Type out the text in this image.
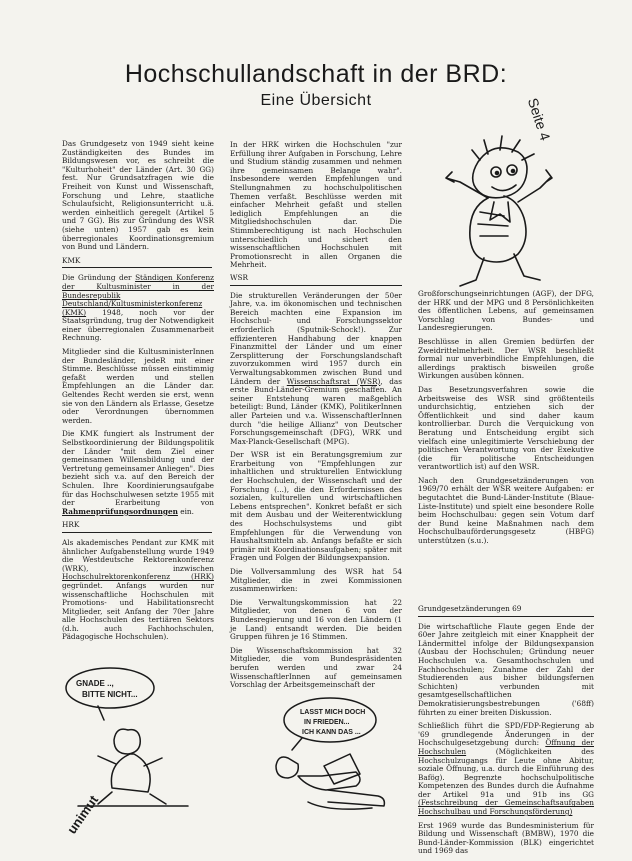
Hochschullandschaft in der BRD:
Eine Übersicht	Seite 4

Das Grundgesetz von 1949 sieht keine Zuständigkeiten des Bundes im Bildungswesen vor, es schreibt die "Kulturhoheit" der Länder (Art. 30 GG) fest. Nur Grundsatzfragen wie die Freiheit von Kunst und Wissenschaft, Forschung und Lehre, staatliche Schulaufsicht, Religionsunterricht u.ä. werden einheitlich geregelt (Artikel 5 und 7 GG). Bis zur Gründung des WSR (siehe unten) 1957 gab es kein überregionales Koordinationsgremium von Bund und Ländern.

KMK

Die Gründung der Ständigen Konferenz der Kultusminister in der Bundesrepublik Deutschland/Kultusministerkonferenz (KMK) 1948, noch vor der Staatsgründung, trug der Notwendigkeit einer überregionalen Zusammenarbeit Rechnung.

Mitglieder sind die KultusministerInnen der Bundesländer, jedeR mit einer Stimme. Beschlüsse müssen einstimmig gefaßt werden und stellen Empfehlungen an die Länder dar. Geltendes Recht werden sie erst, wenn sie von den Ländern als Erlasse, Gesetze oder Verordnungen übernommen werden.

Die KMK fungiert als Instrument der Selbstkoordinierung der Bildungspolitik der Länder "mit dem Ziel einer gemeinsamen Willensbildung und der Vertretung gemeinsamer Anliegen". Dies bezieht sich v.a. auf den Bereich der Schulen. Ihre Koordinierungsaufgabe für das Hochschulwesen setzte 1955 mit der Erarbeitung von Rahmenprüfungsordnungen ein.

HRK

Als akademisches Pendant zur KMK mit ähnlicher Aufgabenstellung wurde 1949 die Westdeutsche Rektorenkonferenz (WRK), inzwischen Hochschulrektorenkonferenz (HRK) gegründet. Anfangs wurden nur wissenschaftliche Hochschulen mit Promotions- und Habilitationsrecht Mitglieder, seit Anfang der 70er Jahre alle Hochschulen des tertiären Sektors (d.h. auch Fachhochschulen, Pädagogische Hochschulen).

In der HRK wirken die Hochschulen "zur Erfüllung ihrer Aufgaben in Forschung, Lehre und Studium ständig zusammen und nehmen ihre gemeinsamen Belange wahr". Insbesondere werden Empfehlungen und Stellungnahmen zu hochschulpolitischen Themen verfaßt. Beschlüsse werden mit einfacher Mehrheit gefaßt und stellen lediglich Empfehlungen an die Mitgliedshochschulen dar. Die Stimmberechtigung ist nach Hochschulen unterschiedlich und sichert den wissenschaftlichen Hochschulen mit Promotionsrecht in allen Organen die Mehrheit.

WSR

Die strukturellen Veränderungen der 50er Jahre, v.a. im ökonomischen und technischen Bereich machten eine Expansion im Hochschul- und Forschungssektor erforderlich (Sputnik-Schock!). Zur effizienteren Handhabung der knappen Finanzmittel der Länder und um einer Zersplitterung der Forschungslandschaft zuvorzukommen wird 1957 durch ein Verwaltungsabkommen zwischen Bund und Ländern der Wissenschaftsrat (WSR), das erste Bund-Länder-Gremium geschaffen. An seiner Entstehung waren maßgeblich beteiligt: Bund, Länder (KMK), PolitikerInnen aller Parteien und v.a. WissenschaftlerInnen durch "die heilige Allianz" von Deutscher Forschungsgemeinschaft (DFG), WRK und Max-Planck-Gesellschaft (MPG).

Der WSR ist ein Beratungsgremium zur Erarbeitung von "Empfehlungen zur inhaltlichen und strukturellen Entwicklung der Hochschulen, der Wissenschaft und der Forschung (...), die den Erfordernissen des sozialen, kulturellen und wirtschaftlichen Lebens entsprechen". Konkret befaßt er sich mit dem Ausbau und der Weiterentwicklung des Hochschulsystems und gibt Empfehlungen für die Verwendung von Haushaltsmitteln ab. Anfangs befaßte er sich primär mit Koordinationsaufgaben; später mit Fragen und Folgen der Bildungsexpansion.

Die Vollversammlung des WSR hat 54 Mitglieder, die in zwei Kommissionen zusammenwirken:

Die Verwaltungskommission hat 22 Mitglieder, von denen 6 von der Bundesregierung und 16 von den Ländern (1 je Land) entsandt werden. Die beiden Gruppen führen je 16 Stimmen.

Die Wissenschaftskommission hat 32 Mitglieder, die vom Bundespräsidenten berufen werden und zwar 24 WissenschaftlerInnen auf gemeinsamen Vorschlag der Arbeitsgemeinschaft der

Großforschungseinrichtungen (AGF), der DFG, der HRK und der MPG und 8 Persönlichkeiten des öffentlichen Lebens, auf gemeinsamen Vorschlag von Bundes- und Landesregierungen.

Beschlüsse in allen Gremien bedürfen der Zweidrittelmehrheit. Der WSR beschließt formal nur unverbindliche Empfehlungen, die allerdings praktisch bisweilen große Wirkungen ausüben können.

Das Besetzungsverfahren sowie die Arbeitsweise des WSR sind größtenteils undurchsichtig, entziehen sich der Öffentlichkeit und sind daher kaum kontrollierbar. Durch die Verquickung von Beratung und Entscheidung ergibt sich vielfach eine unlegitimierte Verschiebung der politischen Verantwortung von der Exekutive (die für politische Entscheidungen verantwortlich ist) auf den WSR.

Nach den Grundgesetzänderungen von 1969/70 erhält der WSR weitere Aufgaben: er begutachtet die Bund-Länder-Institute (Blaue-Liste-Institute) und spielt eine besondere Rolle beim Hochschulbau: gegen sein Votum darf der Bund keine Maßnahmen nach dem Hochschulbauförderungsgesetz (HBFG) unterstützen (s.u.).

Grundgesetzänderungen 69

Die wirtschaftliche Flaute gegen Ende der 60er Jahre zeitgleich mit einer Knappheit der Ländermittel infolge der Bildungsexpansion (Ausbau der Hochschulen; Gründung neuer Hochschulen v.a. Gesamthochschulen und Fachhochschulen; Zunahme der Zahl der Studierenden aus bisher bildungsfernen Schichten) verbunden mit gesamtgesellschaftlichen Demokratisierungsbestrebungen ('68ff) führten zu einer breiten Diskussion.

Schließlich führt die SPD/FDP-Regierung ab '69 grundlegende Änderungen in der Hochschulgesetzgebung durch: Öffnung der Hochschulen (Möglichkeiten des Hochschulzugangs für Leute ohne Abitur, soziale Öffnung, u.a. durch die Einführung des Bafög). Begrenzte hochschulpolitische Kompetenzen des Bundes durch die Aufnahme der Artikel 91a und 91b ins GG (Festschreibung der Gemeinschaftsaufgaben Hochschulbau und Forschungsförderung)

Erst 1969 wurde das Bundesministerium für Bildung und Wissenschaft (BMBW), 1970 die Bund-Länder-Kommission (BLK) eingerichtet und 1969 das

GNADE ..,
BITTE NICHT...
LASST MICH DOCH
IN FRIEDEN...
ICH KANN DAS ...
unimut
